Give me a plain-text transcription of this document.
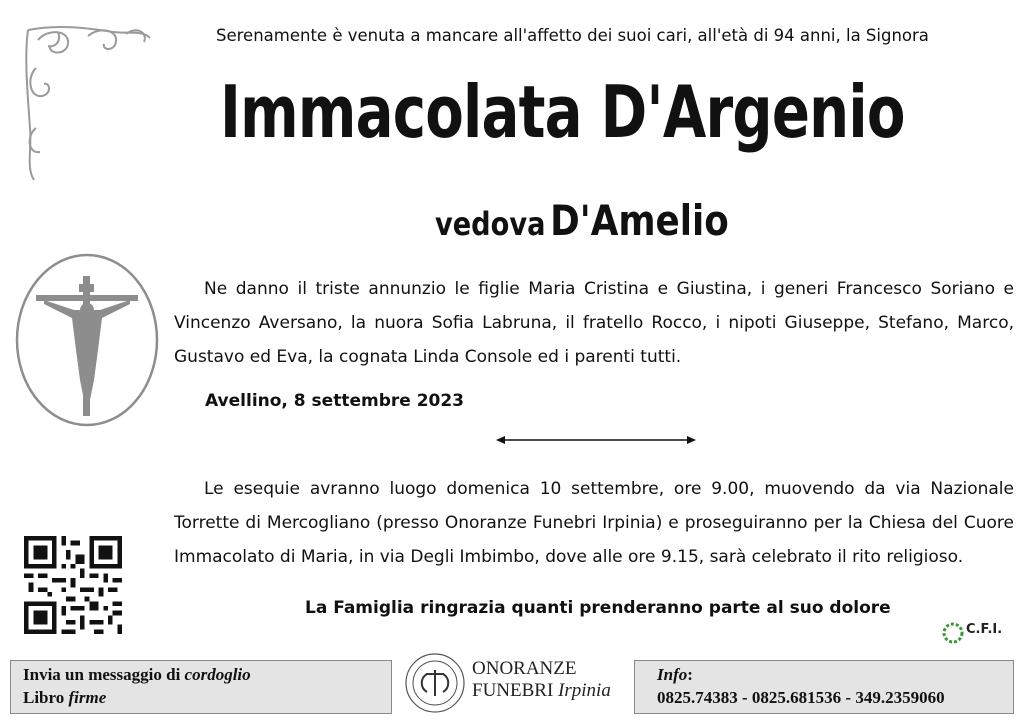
Serenamente è venuta a mancare all'affetto dei suoi cari, all'età di 94 anni, la Signora
Immacolata D'Argenio
vedova D'Amelio
Ne danno il triste annunzio le figlie Maria Cristina e Giustina, i generi Francesco Soriano e Vincenzo Aversano, la nuora Sofia Labruna, il fratello Rocco, i nipoti Giuseppe, Stefano, Marco, Gustavo ed Eva, la cognata Linda Console ed i parenti tutti.
Avellino, 8 settembre 2023
Le esequie avranno luogo domenica 10 settembre, ore 9.00, muovendo da via Nazionale Torrette di Mercogliano (presso Onoranze Funebri Irpinia) e proseguiranno per la Chiesa del Cuore Immacolato di Maria, in via Degli Imbimbo, dove alle ore 9.15, sarà celebrato il rito religioso.
La Famiglia ringrazia quanti prenderanno parte al suo dolore
C.F.I.
Invia un messaggio di cordoglio
Libro firme
ONORANZE
FUNEBRI Irpinia
Info:
0825.74383 - 0825.681536 - 349.2359060
